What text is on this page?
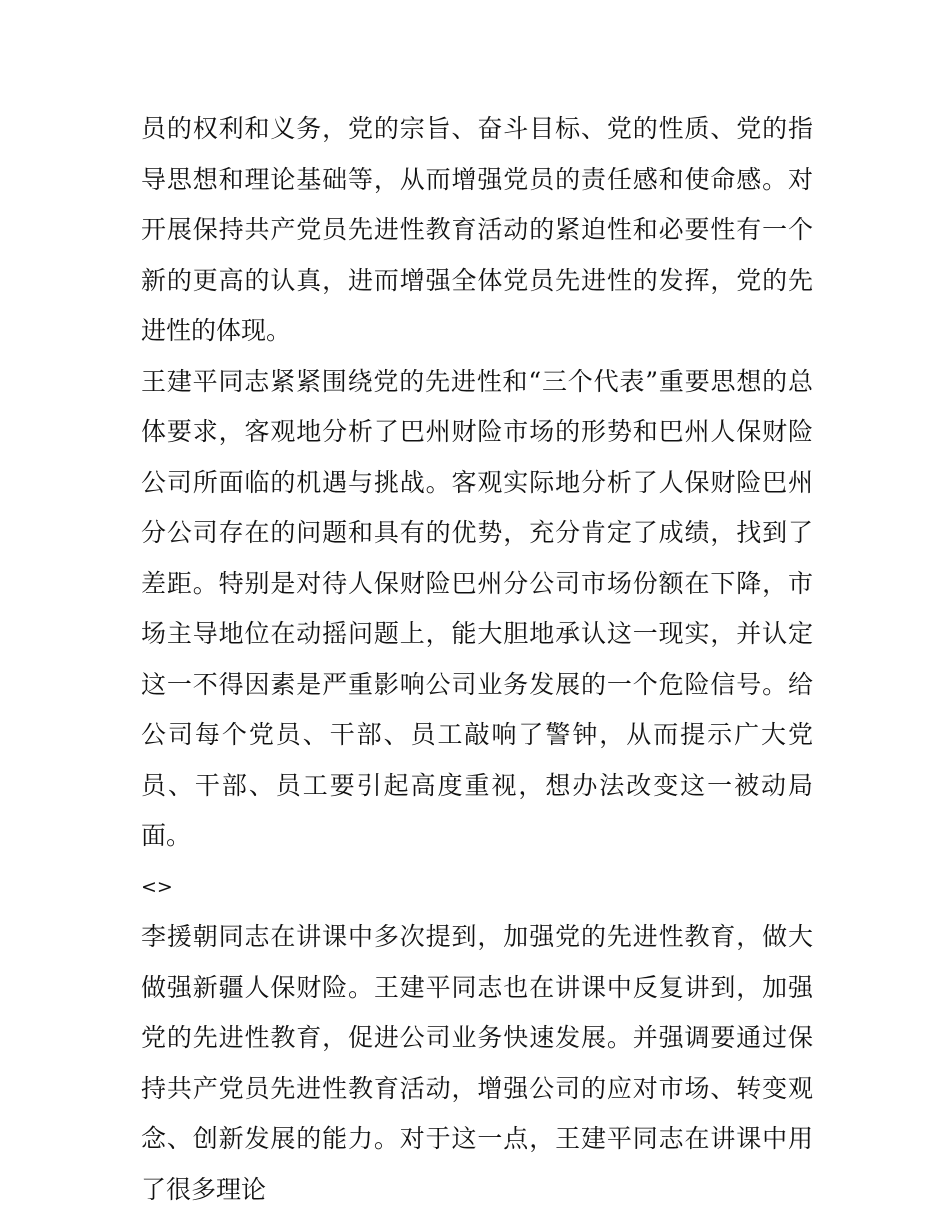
员的权利和义务，党的宗旨、奋斗目标、党的性质、党的指导思想和理论基础等，从而增强党员的责任感和使命感。对开展保持共产党员先进性教育活动的紧迫性和必要性有一个新的更高的认真，进而增强全体党员先进性的发挥，党的先进性的体现。

王建平同志紧紧围绕党的先进性和“三个代表”重要思想的总体要求，客观地分析了巴州财险市场的形势和巴州人保财险公司所面临的机遇与挑战。客观实际地分析了人保财险巴州分公司存在的问题和具有的优势，充分肯定了成绩，找到了差距。特别是对待人保财险巴州分公司市场份额在下降，市场主导地位在动摇问题上，能大胆地承认这一现实，并认定这一不得因素是严重影响公司业务发展的一个危险信号。给公司每个党员、干部、员工敲响了警钟，从而提示广大党员、干部、员工要引起高度重视，想办法改变这一被动局面。

<>

李援朝同志在讲课中多次提到，加强党的先进性教育，做大做强新疆人保财险。王建平同志也在讲课中反复讲到，加强党的先进性教育，促进公司业务快速发展。并强调要通过保持共产党员先进性教育活动，增强公司的应对市场、转变观念、创新发展的能力。对于这一点，王建平同志在讲课中用了很多理论
